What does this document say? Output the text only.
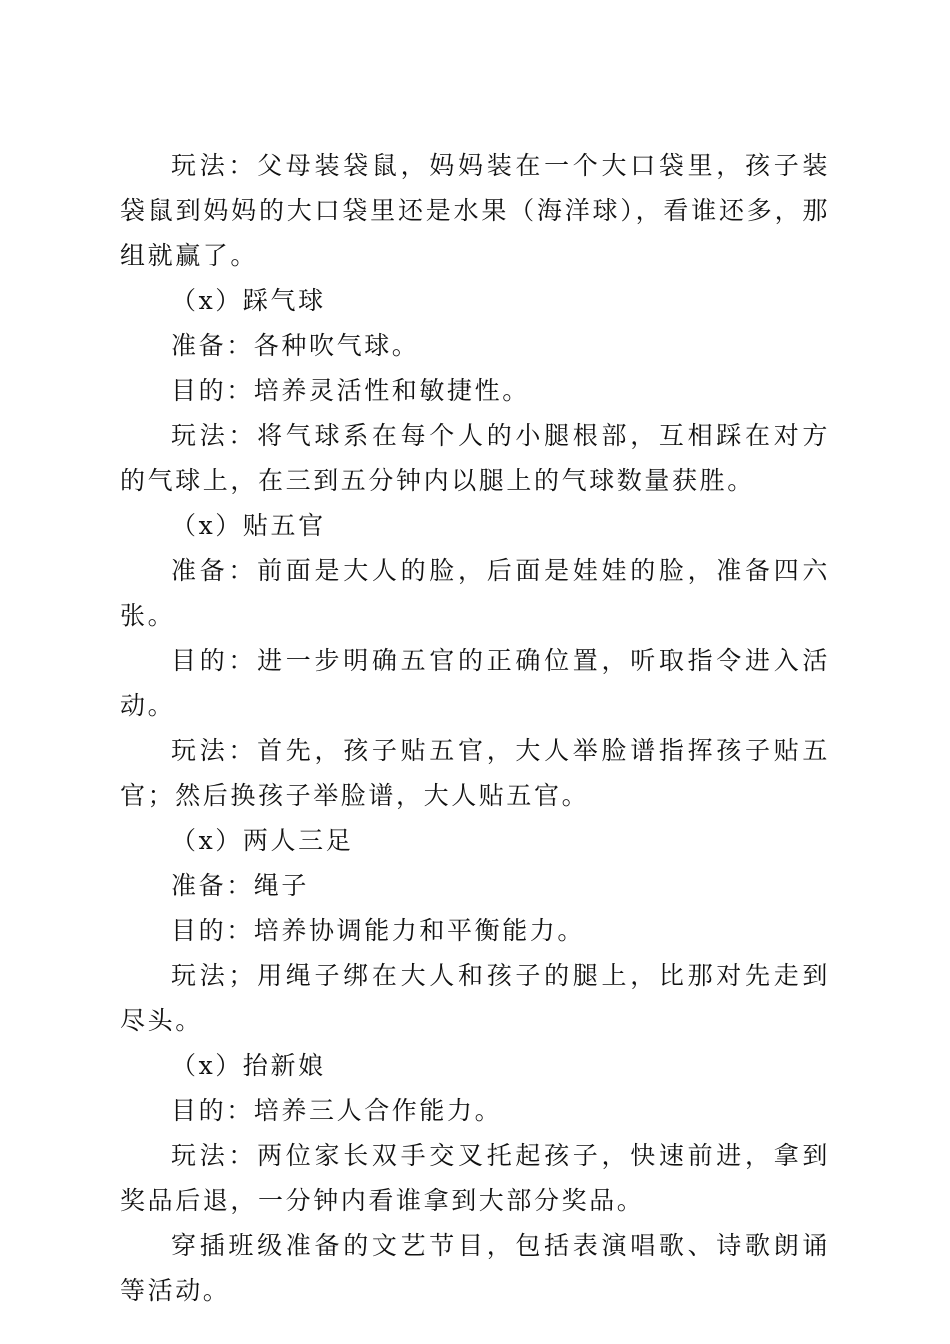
玩法：父母装袋鼠，妈妈装在一个大口袋里，孩子装袋鼠到妈妈的大口袋里还是水果（海洋球），看谁还多，那组就赢了。

（x）踩气球

准备：各种吹气球。

目的：培养灵活性和敏捷性。

玩法：将气球系在每个人的小腿根部，互相踩在对方的气球上，在三到五分钟内以腿上的气球数量获胜。

（x）贴五官

准备：前面是大人的脸，后面是娃娃的脸，准备四六张。

目的：进一步明确五官的正确位置，听取指令进入活动。

玩法：首先，孩子贴五官，大人举脸谱指挥孩子贴五官；然后换孩子举脸谱，大人贴五官。

（x）两人三足

准备：绳子

目的：培养协调能力和平衡能力。

玩法；用绳子绑在大人和孩子的腿上，比那对先走到尽头。

（x）抬新娘

目的：培养三人合作能力。

玩法：两位家长双手交叉托起孩子，快速前进，拿到奖品后退，一分钟内看谁拿到大部分奖品。

穿插班级准备的文艺节目，包括表演唱歌、诗歌朗诵等活动。
